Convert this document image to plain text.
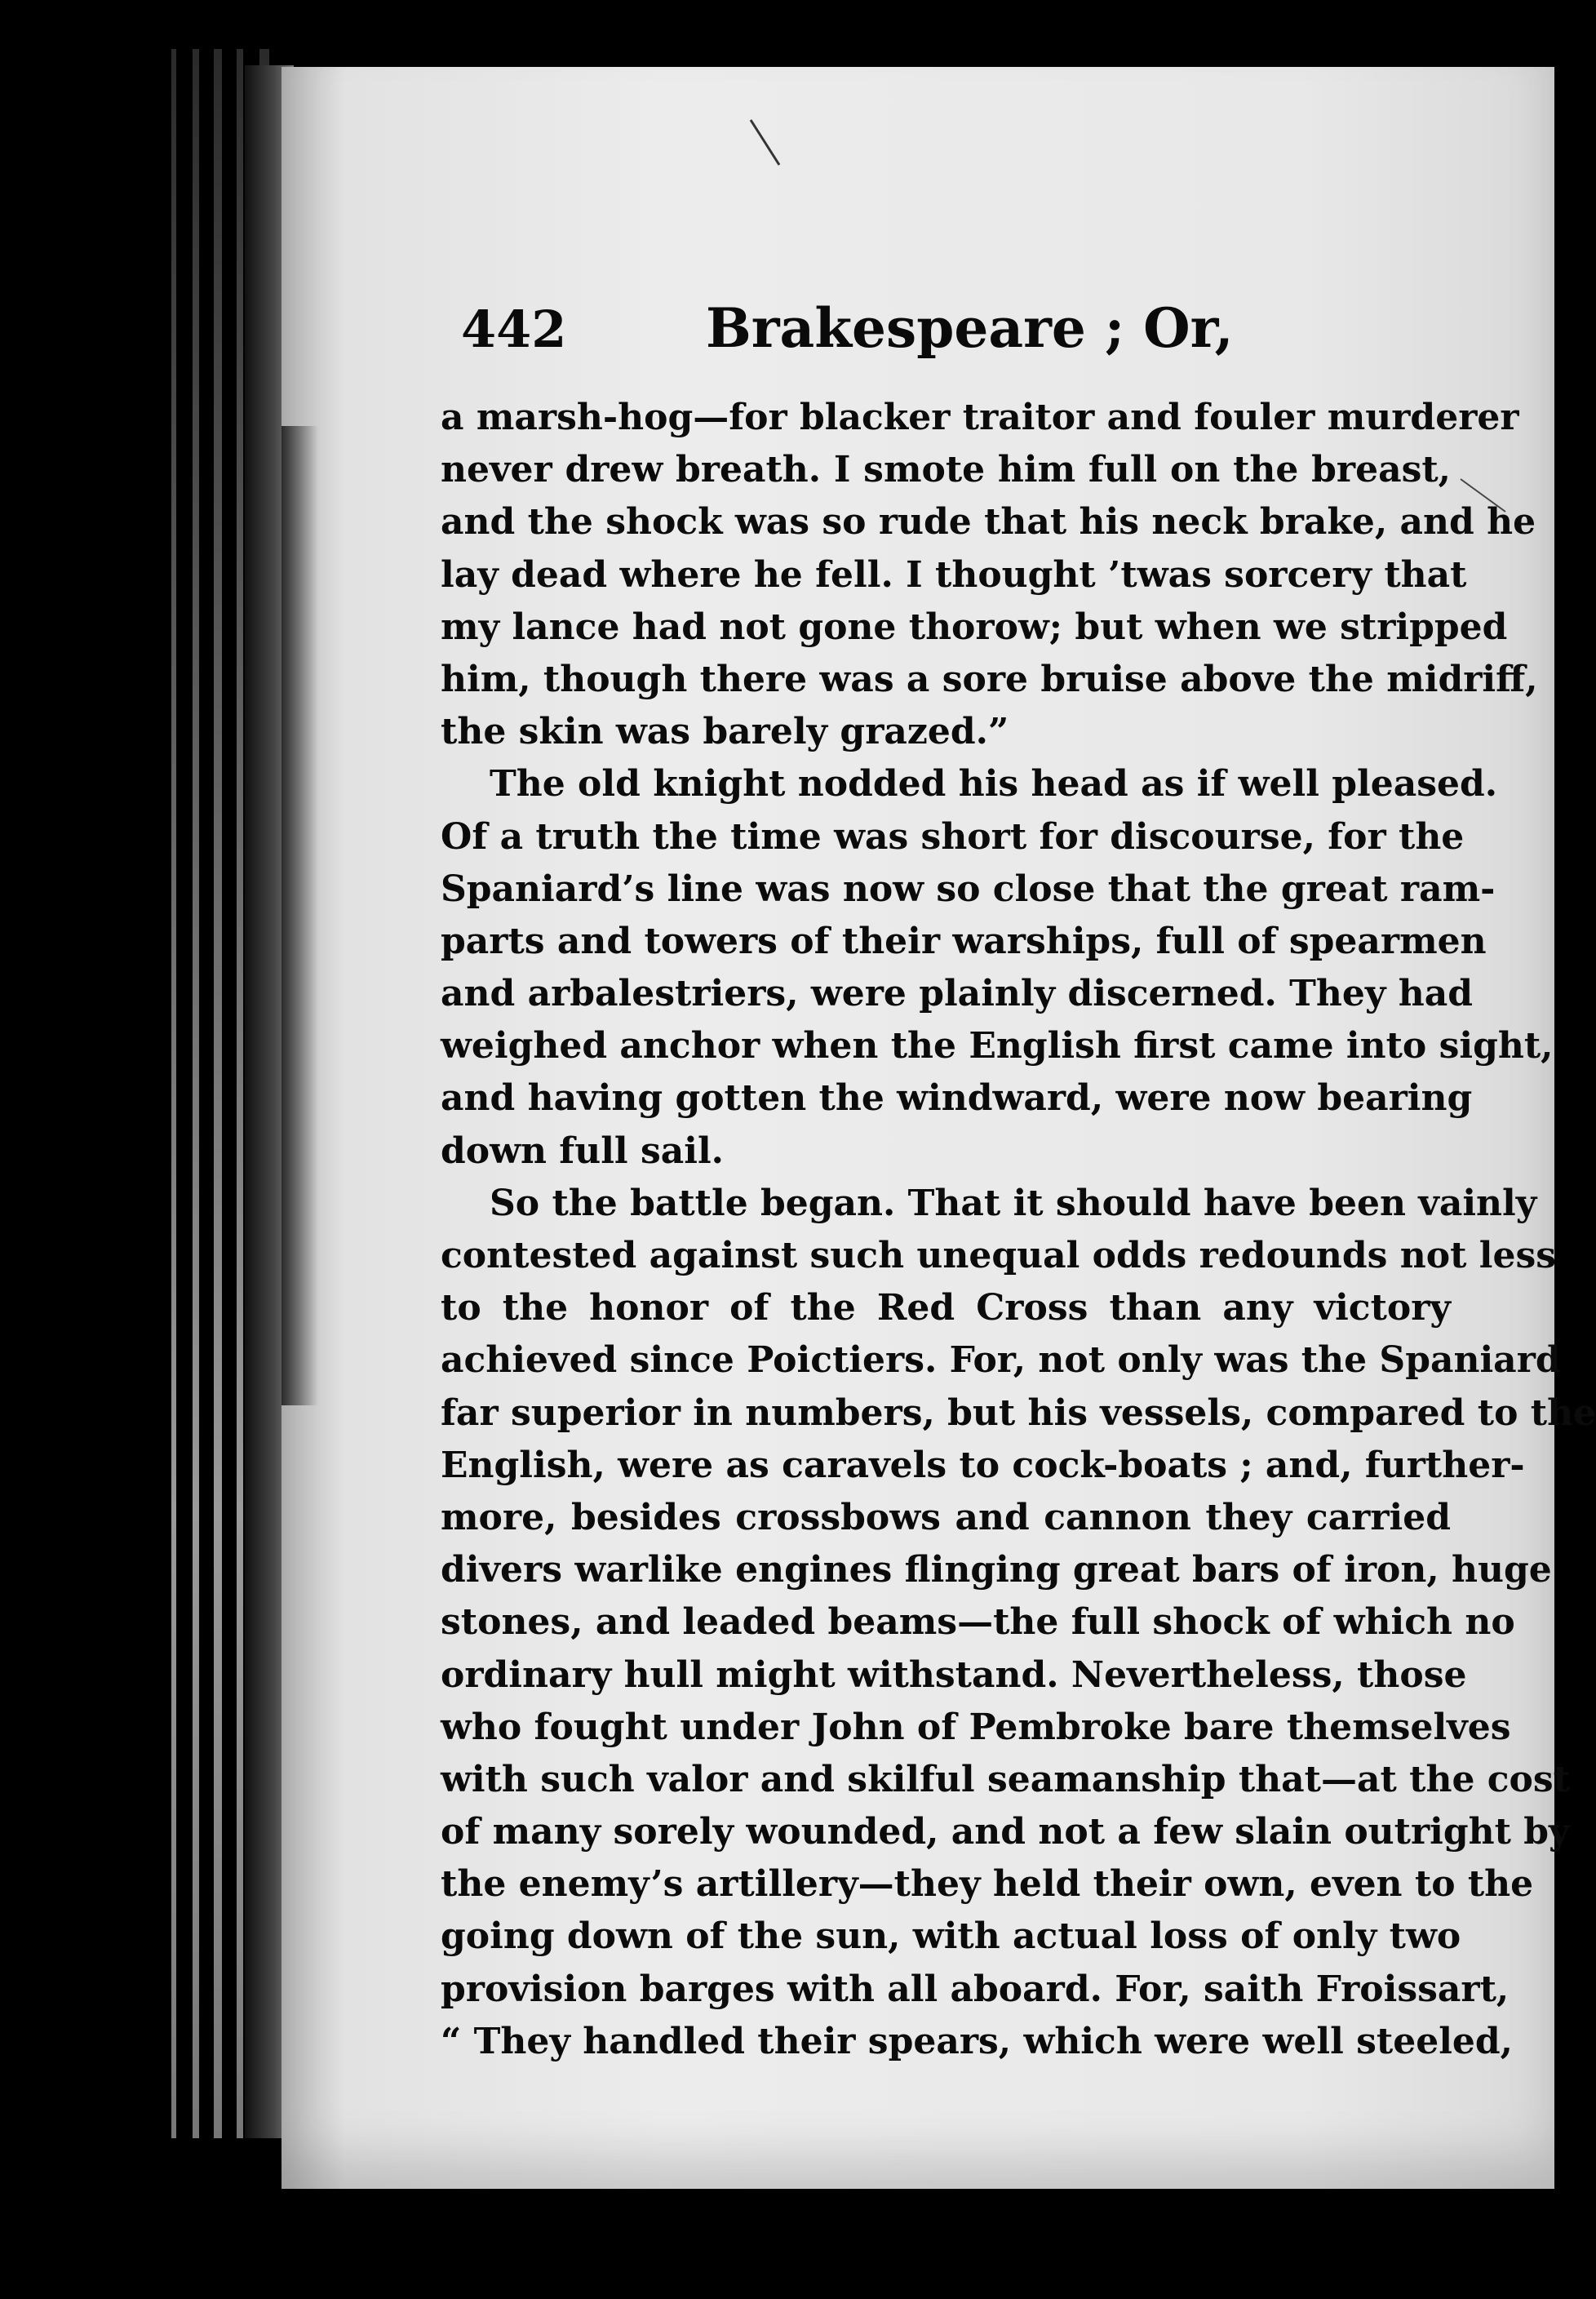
442	Brakespeare ; Or,
a marsh-hog—for blacker traitor and fouler murderer
never drew breath. I smote him full on the breast,
and the shock was so rude that his neck brake, and he
lay dead where he fell. I thought ’twas sorcery that
my lance had not gone thorow; but when we stripped
him, though there was a sore bruise above the midriff,
the skin was barely grazed.”
The old knight nodded his head as if well pleased.
Of a truth the time was short for discourse, for the
Spaniard’s line was now so close that the great ram-
parts and towers of their warships, full of spearmen
and arbalestriers, were plainly discerned. They had
weighed anchor when the English first came into sight,
and having gotten the windward, were now bearing
down full sail.
So the battle began. That it should have been vainly
contested against such unequal odds redounds not less
to the honor of the Red Cross than any victory
achieved since Poictiers. For, not only was the Spaniard
far superior in numbers, but his vessels, compared to the
English, were as caravels to cock-boats ; and, further-
more, besides crossbows and cannon they carried
divers warlike engines flinging great bars of iron, huge
stones, and leaded beams—the full shock of which no
ordinary hull might withstand. Nevertheless, those
who fought under John of Pembroke bare themselves
with such valor and skilful seamanship that—at the cost
of many sorely wounded, and not a few slain outright by
the enemy’s artillery—they held their own, even to the
going down of the sun, with actual loss of only two
provision barges with all aboard. For, saith Froissart,
“ They handled their spears, which were well steeled,
